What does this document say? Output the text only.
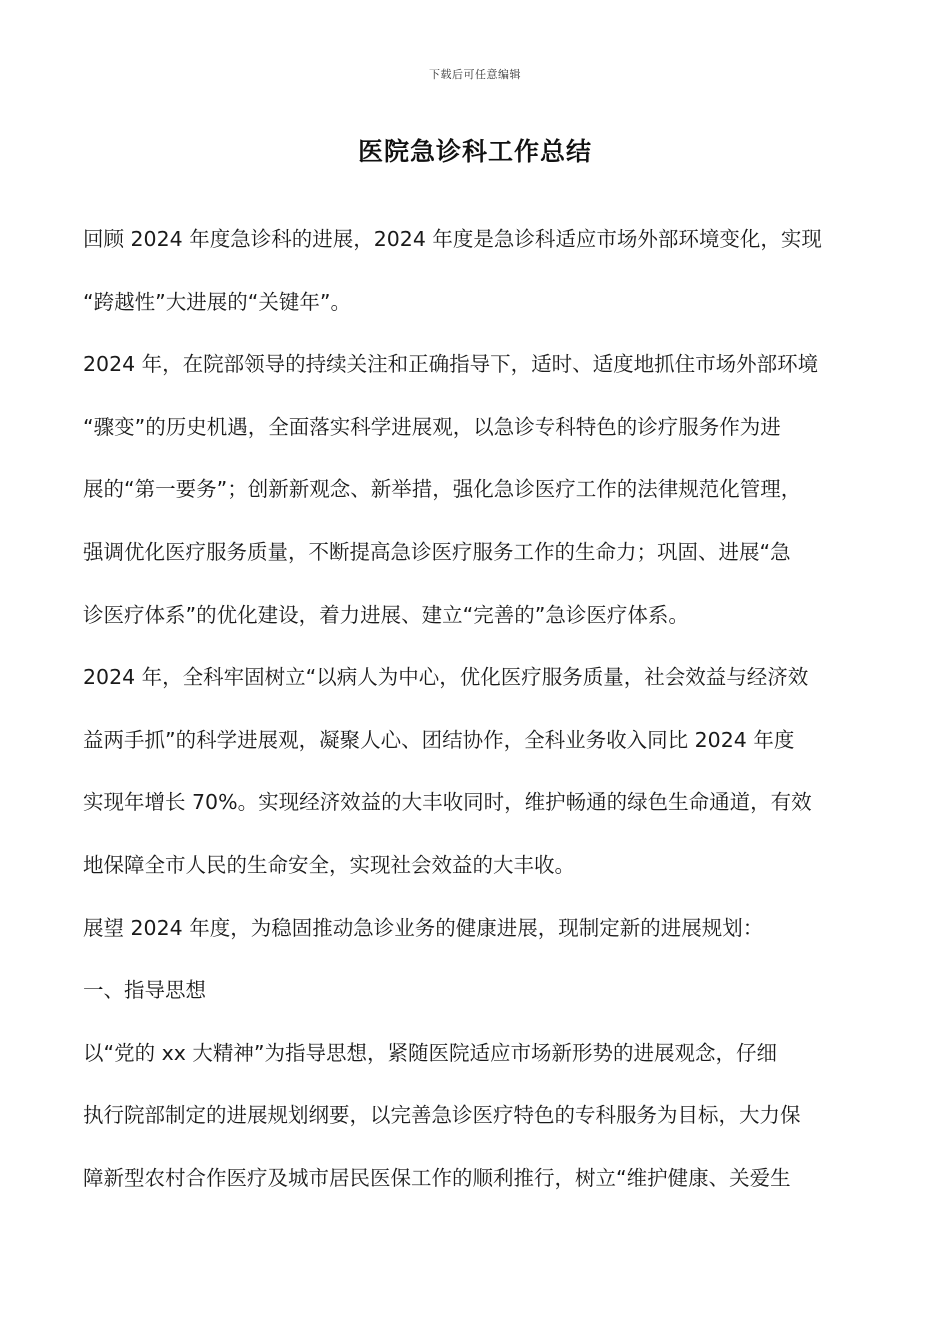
下载后可任意编辑
医院急诊科工作总结
回顾 2024 年度急诊科的进展，2024 年度是急诊科适应市场外部环境变化，实现
“跨越性”大进展的“关键年”。
2024 年，在院部领导的持续关注和正确指导下，适时、适度地抓住市场外部环境
“骤变”的历史机遇，全面落实科学进展观，以急诊专科特色的诊疗服务作为进
展的“第一要务”；创新新观念、新举措，强化急诊医疗工作的法律规范化管理，
强调优化医疗服务质量，不断提高急诊医疗服务工作的生命力；巩固、进展“急
诊医疗体系”的优化建设，着力进展、建立“完善的”急诊医疗体系。
2024 年，全科牢固树立“以病人为中心，优化医疗服务质量，社会效益与经济效
益两手抓”的科学进展观，凝聚人心、团结协作，全科业务收入同比 2024 年度
实现年增长 70%。实现经济效益的大丰收同时，维护畅通的绿色生命通道，有效
地保障全市人民的生命安全，实现社会效益的大丰收。
展望 2024 年度，为稳固推动急诊业务的健康进展，现制定新的进展规划：
一、指导思想
以“党的 xx 大精神”为指导思想，紧随医院适应市场新形势的进展观念，仔细
执行院部制定的进展规划纲要，以完善急诊医疗特色的专科服务为目标，大力保
障新型农村合作医疗及城市居民医保工作的顺利推行，树立“维护健康、关爱生
